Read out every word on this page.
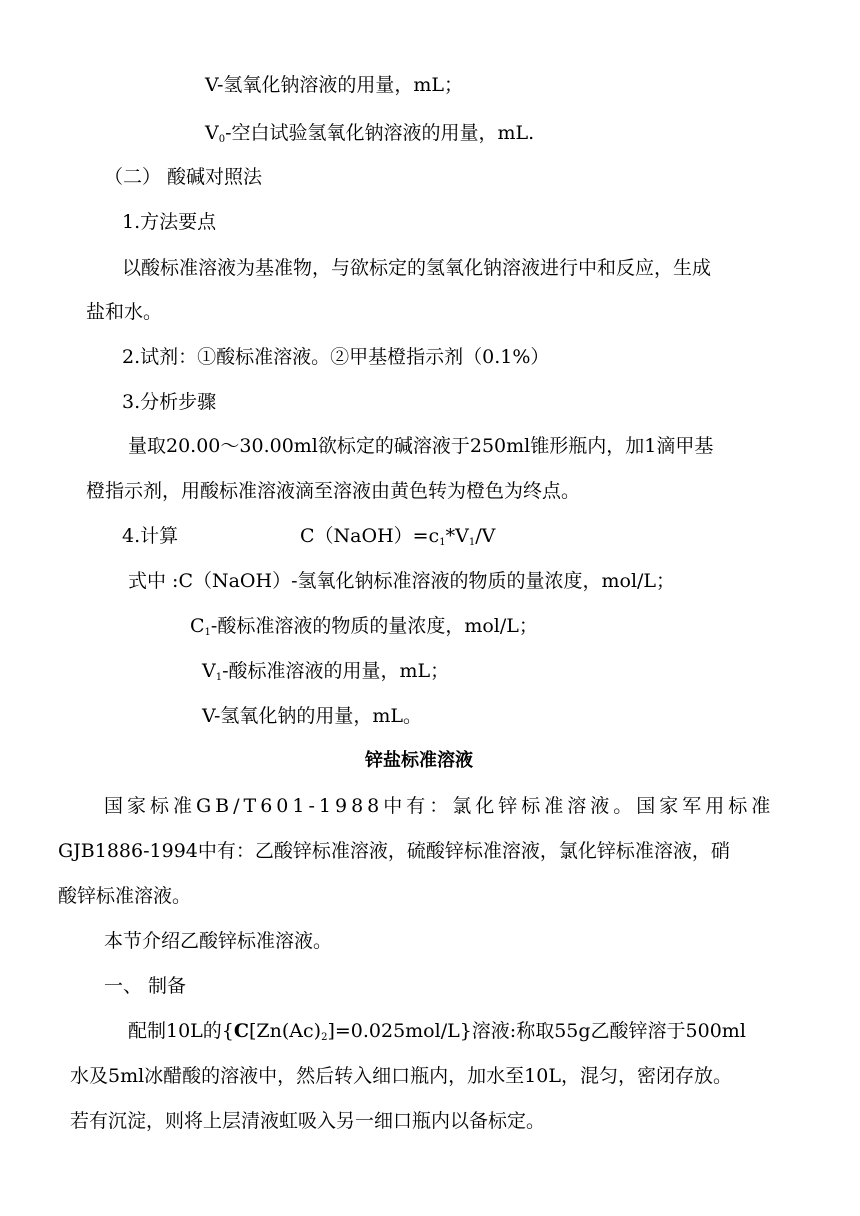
V-氢氧化钠溶液的用量，mL；
$V_0-$空白试验氢氧化钠溶液的用量，mL.
（二） 酸碱对照法
1.方法要点
以酸标准溶液为基准物，与欲标定的氢氧化钠溶液进行中和反应，生成
盐和水。
2.试剂：①酸标准溶液。②甲基橙指示剂（0.1%）
3.分析步骤
量取20.00～30.00ml欲标定的碱溶液于250ml锥形瓶内，加1滴甲基
橙指示剂，用酸标准溶液滴至溶液由黄色转为橙色为终点。
4.计算	$C(NaOH)=c_1*V_1/V$
式中 :C（NaOH）-氢氧化钠标准溶液的物质的量浓度，mol/L；
$C_1-$酸标准溶液的物质的量浓度，mol/L；
$V_1-$酸标准溶液的用量，mL；
V-氢氧化钠的用量，mL。
锌盐标准溶液
国家标准GB/T601-1988中有：氯化锌标准溶液。国家军用标准
GJB1886-1994中有：乙酸锌标准溶液，硫酸锌标准溶液，氯化锌标准溶液，硝
酸锌标准溶液。
本节介绍乙酸锌标准溶液。
一、 制备
配制10L的$\{C[Zn(Ac)_2]=0.025mol/L\}$溶液:称取55g乙酸锌溶于500ml
水及5ml冰醋酸的溶液中，然后转入细口瓶内，加水至10L，混匀，密闭存放。
若有沉淀，则将上层清液虹吸入另一细口瓶内以备标定。
